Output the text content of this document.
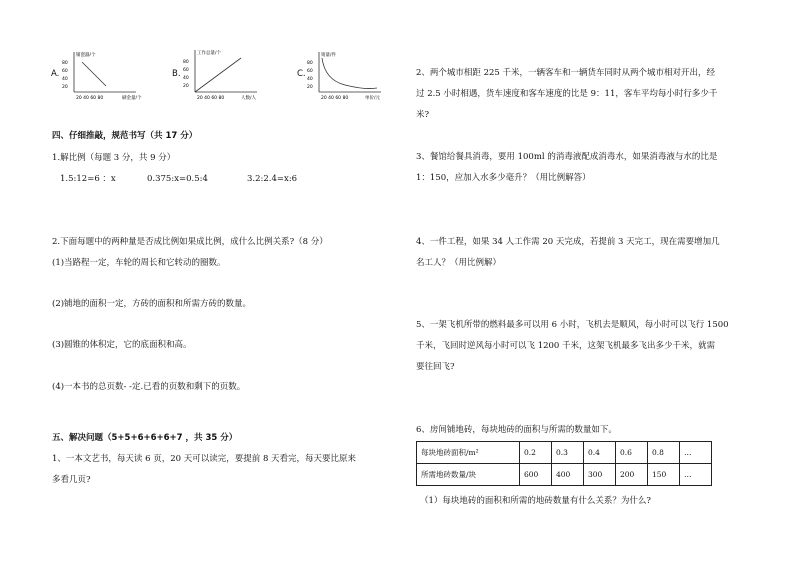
A.
铺瓷器/个
80
60
40
20
20 40 60 80	刷金量/个
B.
工作总量/个
80
60
40
20
20 40 60 80	人数/人
C.
销量/件
80
60
40
20
20 40 60 80	单价/元
四、仔细推敲，规范书写（共 17 分）
1.解比例（每题 3 分，共 9 分）
1.5:12=6 ：x	0.375:x=0.5:4	3.2:2.4=x:6
2.下面每题中的两种量是否成比例如果成比例，成什么比例关系?（8 分）
(1)当路程一定，车轮的周长和它转动的圈数。
(2)铺地的面积一定，方砖的面积和所需方砖的数量。
(3)圆锥的体积定，它的底面积和高。
(4)一本书的总页数- -定.已看的页数和剩下的页数。
五、解决问题（5+5+6+6+6+7 ，共 35 分）
1、一本文艺书，每天读 6 页，20 天可以读完，要提前 8 天看完，每天要比原来
多看几页?
2、两个城市相距 225 千米，一辆客车和一辆货车同时从两个城市相对开出，经
过 2.5 小时相遇，货车速度和客车速度的比是 9：11，客车平均每小时行多少千
米?
3、餐馆给餐具消毒，要用 100ml 的消毒液配成消毒水，如果消毒液与水的比是
1：150，应加入水多少毫升？（用比例解答）
4、一件工程，如果 34 人工作需 20 天完成，若提前 3 天完工，现在需要增加几
名工人？（用比例解）
5、一架飞机所带的燃料最多可以用 6 小时，飞机去是顺风，每小时可以飞行 1500
千米，飞回时逆风每小时可以飞 1200 千米，这架飞机最多飞出多少千米，就需
要往回飞?
6、房间铺地砖，每块地砖的面积与所需的数量如下。
每块地砖面积/m²	0.2	0.3	0.4	0.6	0.8	…
所需地砖数量/块	600	400	300	200	150	…
（1）每块地砖的面积和所需的地砖数量有什么关系？为什么?
